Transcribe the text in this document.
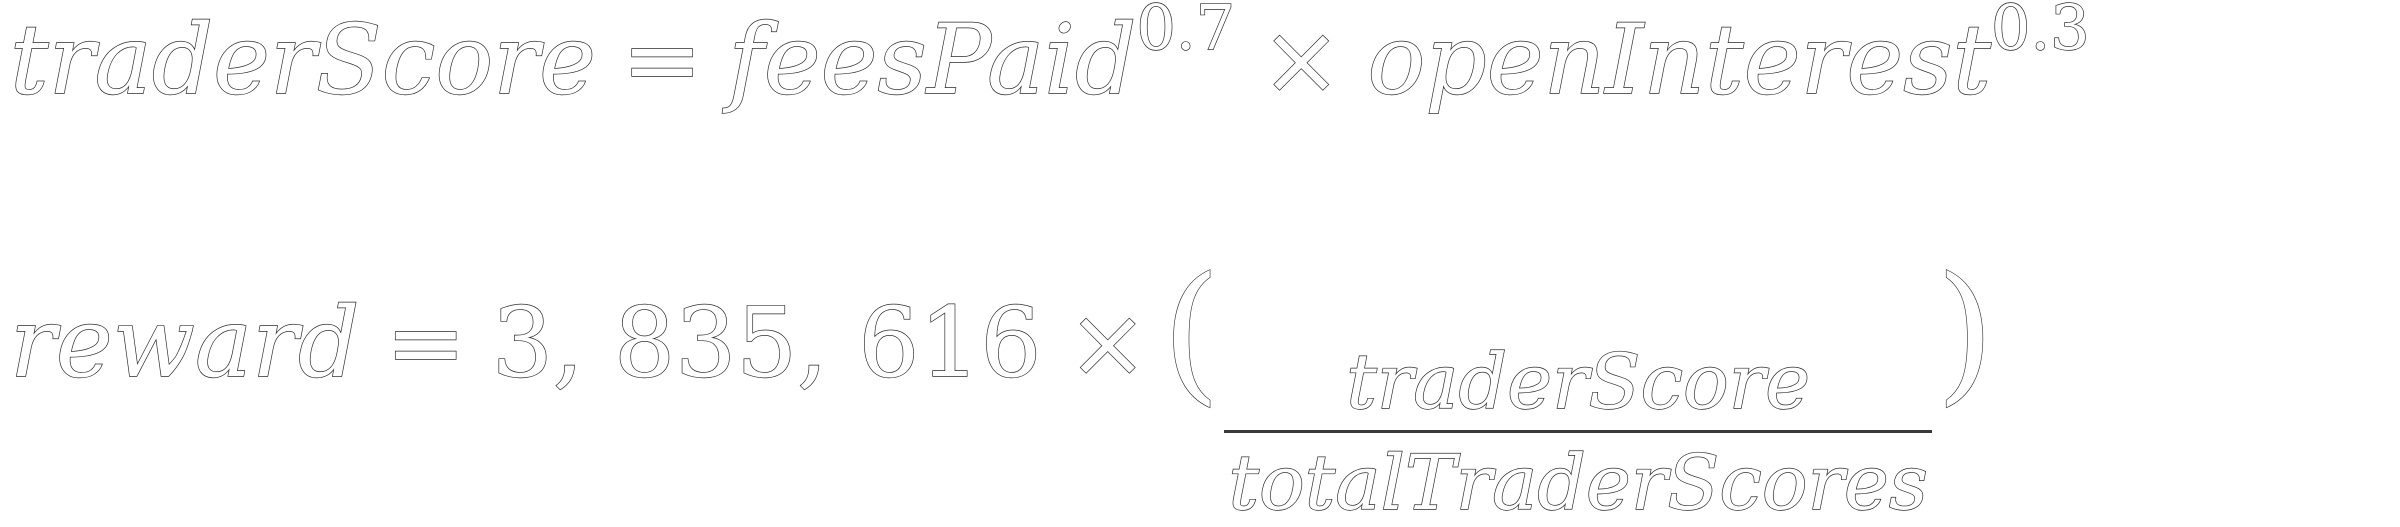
traderScore = feesPaid 0.7 × openInterest 0.3
reward = 3, 835, 616 × (
$\frac{\text{traderScore}}{\text{totalTraderScores}}$
)
